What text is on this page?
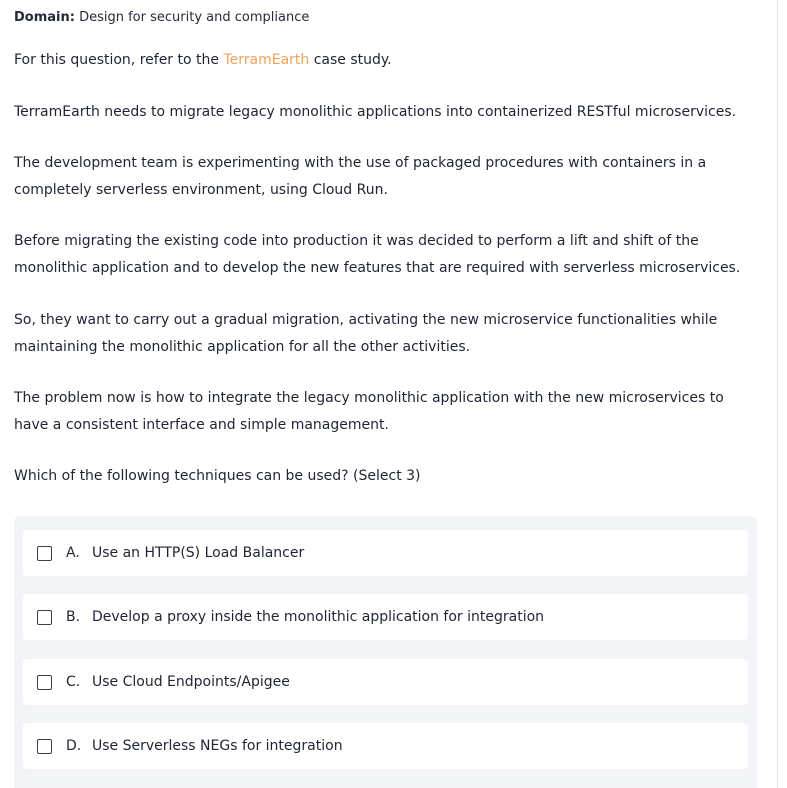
Domain: Design for security and compliance
For this question, refer to the TerramEarth case study.
TerramEarth needs to migrate legacy monolithic applications into containerized RESTful microservices.
The development team is experimenting with the use of packaged procedures with containers in a completely serverless environment, using Cloud Run.
Before migrating the existing code into production it was decided to perform a lift and shift of the monolithic application and to develop the new features that are required with serverless microservices.
So, they want to carry out a gradual migration, activating the new microservice functionalities while maintaining the monolithic application for all the other activities.
The problem now is how to integrate the legacy monolithic application with the new microservices to have a consistent interface and simple management.
Which of the following techniques can be used? (Select 3)
A. Use an HTTP(S) Load Balancer
B. Develop a proxy inside the monolithic application for integration
C. Use Cloud Endpoints/Apigee
D. Use Serverless NEGs for integration
